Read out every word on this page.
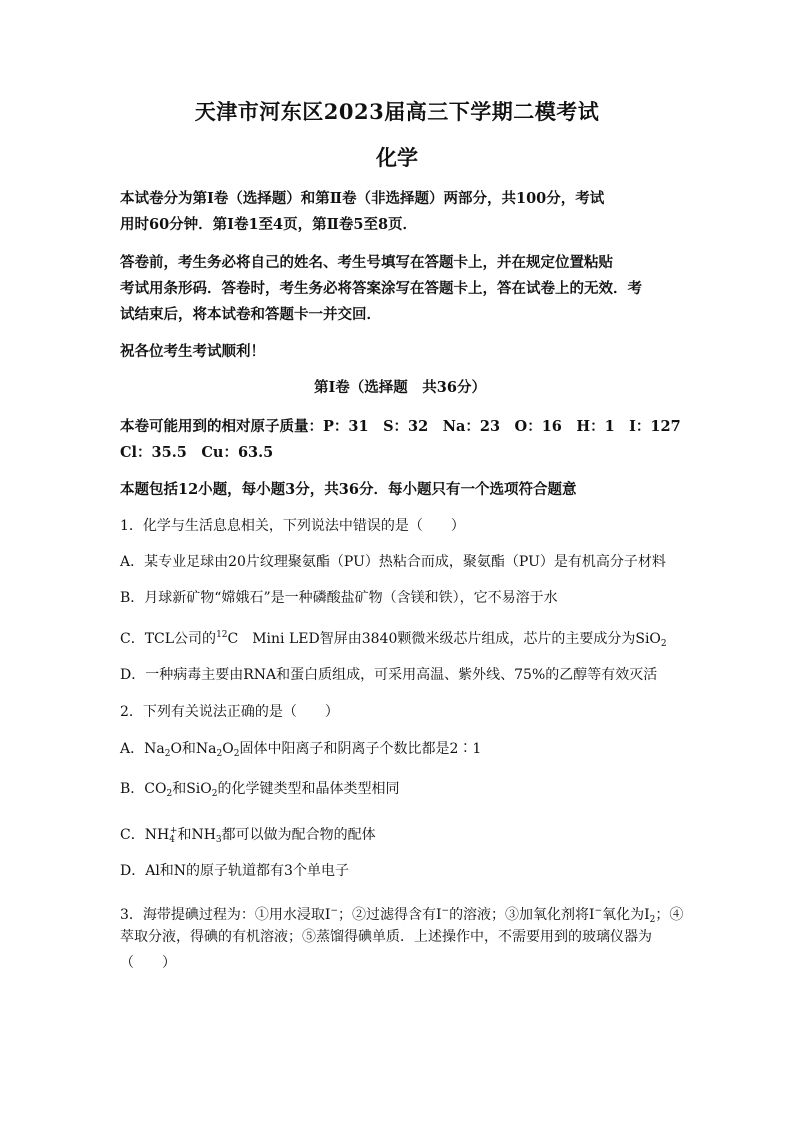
天津市河东区2023届高三下学期二模考试
化学
本试卷分为第Ⅰ卷（选择题）和第Ⅱ卷（非选择题）两部分，共100分，考试
用时60分钟．第Ⅰ卷1至4页，第Ⅱ卷5至8页．
答卷前，考生务必将自己的姓名、考生号填写在答题卡上，并在规定位置粘贴
考试用条形码．答卷时，考生务必将答案涂写在答题卡上，答在试卷上的无效．考
试结束后，将本试卷和答题卡一并交回．
祝各位考生考试顺利！
第Ⅰ卷（选择题　共36分）
本卷可能用到的相对原子质量：P：31　S：32　Na：23　O：16　H：1　I：127
Cl：35.5　Cu：63.5
本题包括12小题，每小题3分，共36分．每小题只有一个选项符合题意
1．化学与生活息息相关，下列说法中错误的是（　　）
A．某专业足球由20片纹理聚氨酯（PU）热粘合而成，聚氨酯（PU）是有机高分子材料
B．月球新矿物“嫦娥石”是一种磷酸盐矿物（含镁和铁），它不易溶于水
C．TCL公司的$^{12}$C　Mini LED智屏由3840颗微米级芯片组成，芯片的主要成分为SiO$_2$
D．一种病毒主要由RNA和蛋白质组成，可采用高温、紫外线、75%的乙醇等有效灭活
2．下列有关说法正确的是（　　）
A．$Na_2O$和$Na_2O_2$固体中阳离子和阴离子个数比都是2∶1
B．$CO_2$和SiO$_2$的化学键类型和晶体类型相同
C．$NH_4^+$和$NH_3$都可以做为配合物的配体
D．Al和N的原子轨道都有3个单电子
3．海带提碘过程为：①用水浸取I−；②过滤得含有I−的溶液；③加氧化剂将I−氧化为$I_2$；④
萃取分液，得碘的有机溶液；⑤蒸馏得碘单质．上述操作中，不需要用到的玻璃仪器为
（　　）
